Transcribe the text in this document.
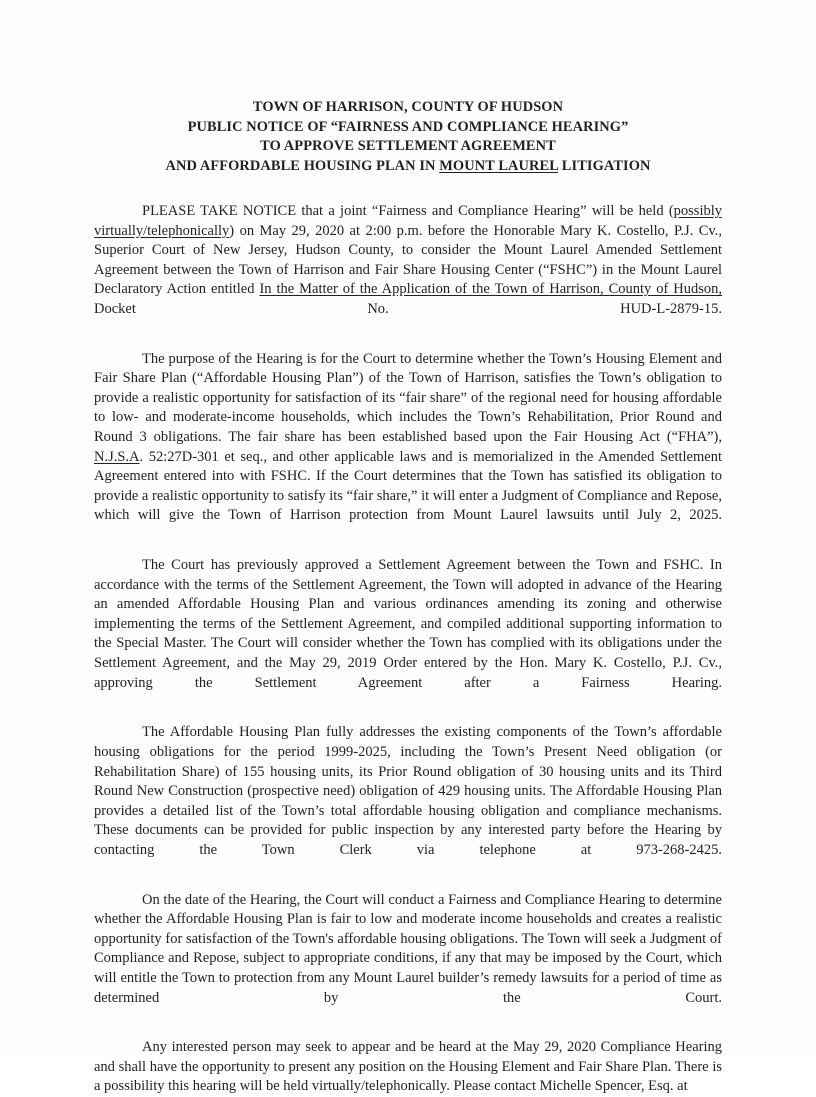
TOWN OF HARRISON, COUNTY OF HUDSON
PUBLIC NOTICE OF “FAIRNESS AND COMPLIANCE HEARING”
TO APPROVE SETTLEMENT AGREEMENT
AND AFFORDABLE HOUSING PLAN IN MOUNT LAUREL LITIGATION

PLEASE TAKE NOTICE that a joint “Fairness and Compliance Hearing” will be held (possibly virtually/telephonically) on May 29, 2020 at 2:00 p.m. before the Honorable Mary K. Costello, P.J. Cv., Superior Court of New Jersey, Hudson County, to consider the Mount Laurel Amended Settlement Agreement between the Town of Harrison and Fair Share Housing Center (“FSHC”) in the Mount Laurel Declaratory Action entitled In the Matter of the Application of the Town of Harrison, County of Hudson, Docket No. HUD-L-2879-15.

The purpose of the Hearing is for the Court to determine whether the Town’s Housing Element and Fair Share Plan (“Affordable Housing Plan”) of the Town of Harrison, satisfies the Town’s obligation to provide a realistic opportunity for satisfaction of its “fair share” of the regional need for housing affordable to low- and moderate-income households, which includes the Town’s Rehabilitation, Prior Round and Round 3 obligations. The fair share has been established based upon the Fair Housing Act (“FHA”), N.J.S.A. 52:27D-301 et seq., and other applicable laws and is memorialized in the Amended Settlement Agreement entered into with FSHC. If the Court determines that the Town has satisfied its obligation to provide a realistic opportunity to satisfy its “fair share,” it will enter a Judgment of Compliance and Repose, which will give the Town of Harrison protection from Mount Laurel lawsuits until July 2, 2025.

The Court has previously approved a Settlement Agreement between the Town and FSHC. In accordance with the terms of the Settlement Agreement, the Town will adopted in advance of the Hearing an amended Affordable Housing Plan and various ordinances amending its zoning and otherwise implementing the terms of the Settlement Agreement, and compiled additional supporting information to the Special Master. The Court will consider whether the Town has complied with its obligations under the Settlement Agreement, and the May 29, 2019 Order entered by the Hon. Mary K. Costello, P.J. Cv., approving the Settlement Agreement after a Fairness Hearing.

The Affordable Housing Plan fully addresses the existing components of the Town’s affordable housing obligations for the period 1999-2025, including the Town’s Present Need obligation (or Rehabilitation Share) of 155 housing units, its Prior Round obligation of 30 housing units and its Third Round New Construction (prospective need) obligation of 429 housing units. The Affordable Housing Plan provides a detailed list of the Town’s total affordable housing obligation and compliance mechanisms. These documents can be provided for public inspection by any interested party before the Hearing by contacting the Town Clerk via telephone at 973-268-2425.

On the date of the Hearing, the Court will conduct a Fairness and Compliance Hearing to determine whether the Affordable Housing Plan is fair to low and moderate income households and creates a realistic opportunity for satisfaction of the Town's affordable housing obligations. The Town will seek a Judgment of Compliance and Repose, subject to appropriate conditions, if any that may be imposed by the Court, which will entitle the Town to protection from any Mount Laurel builder’s remedy lawsuits for a period of time as determined by the Court.

Any interested person may seek to appear and be heard at the May 29, 2020 Compliance Hearing and shall have the opportunity to present any position on the Housing Element and Fair Share Plan. There is a possibility this hearing will be held virtually/telephonically. Please contact Michelle Spencer, Esq. at
